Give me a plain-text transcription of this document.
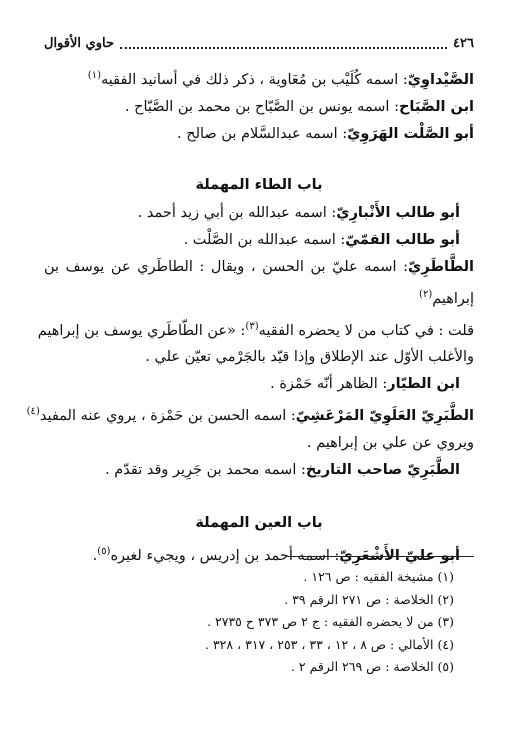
٤٢٦
حاوي الأقوال
الصَّيْداوِيّ: اسمه كُلَيْب بن مُعَاوية ، ذكر ذلك في أسانيد الفقيه$^{(١)}$
ابن الصَّبَاح: اسمه يونس بن الصَّبّاح بن محمد بن الصَّبّاح .
أبو الصَّلْت الهَرَوِيّ: اسمه عبدالسَّلام بن صالح .
باب الطاء المهملة
أبو طالب الأَنْبارِيّ: اسمه عبدالله بن أبي زيد أحمد .
أبو طالب القمّيّ: اسمه عبدالله بن الصَّلْت .
الطَّاطَرِيّ: اسمه عليّ بن الحسن ، ويقال : الطاطَري عن يوسف بن
إبراهيم$^{(٢)}$
قلت : في كتاب من لا يحضره الفقيه$^{(٣)}$: «عن الطّاطَري يوسف بن إبراهيم
والأغلب الأوّل عند الإطلاق وإذا قيّد بالجَرْمي تعيّن علي .
ابن الطيّار: الظاهر أنّه حَمْزة .
الطَّبَرِيّ العَلَوِيّ المَرْعَشِيّ: اسمه الحسن بن حَمْزة ، يروي عنه المفيد$^{(٤)}$
ويروي عن علي بن إبراهيم .
الطَّبَرِيّ صاحب التاريخ: اسمه محمد بن جَرِير وقد تقدّم .
باب العين المهملة
أبو عليّ الأَشْعَرِيّ: اسمه أحمد بن إدريس ، ويجيء لغيره$^{(٥)}$.
(١) مشيخة الفقيه : ص ١٢٦ .
(٢) الخلاصة : ص ٢٧١ الرقم ٣٩ .
(٣) من لا يحضره الفقيه : ج ٢ ص ٣٧٣ ح ٢٧٣٥ .
(٤) الأمالي : ص ٨ ، ١٢ ، ٣٣ ، ٢٥٣ ، ٣١٧ ، ٣٢٨ .
(٥) الخلاصة : ص ٢٦٩ الرقم ٢ .
